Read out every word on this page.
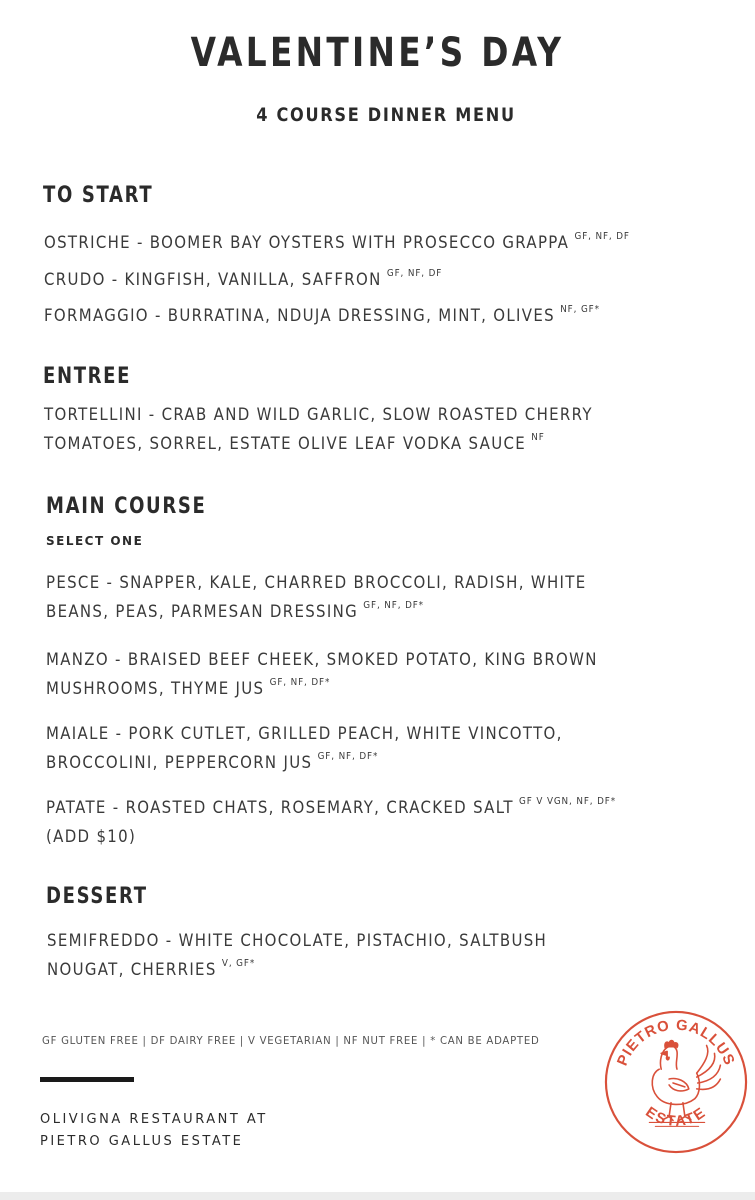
VALENTINE’S DAY
4 COURSE DINNER MENU
TO START
OSTRICHE - BOOMER BAY OYSTERS WITH PROSECCO GRAPPA $^{GF, NF, DF}$
CRUDO - KINGFISH, VANILLA, SAFFRON $^{GF, NF, DF}$
FORMAGGIO - BURRATINA, NDUJA DRESSING, MINT, OLIVES $^{NF, GF*}$
ENTREE
TORTELLINI - CRAB AND WILD GARLIC, SLOW ROASTED CHERRY
TOMATOES, SORREL, ESTATE OLIVE LEAF VODKA SAUCE $^{NF}$
MAIN COURSE
SELECT ONE
PESCE - SNAPPER, KALE, CHARRED BROCCOLI, RADISH, WHITE
BEANS, PEAS, PARMESAN DRESSING $^{GF, NF, DF*}$
MANZO - BRAISED BEEF CHEEK, SMOKED POTATO, KING BROWN
MUSHROOMS, THYME JUS $^{GF, NF, DF*}$
MAIALE - PORK CUTLET, GRILLED PEACH, WHITE VINCOTTO,
BROCCOLINI, PEPPERCORN JUS $^{GF, NF, DF*}$
PATATE - ROASTED CHATS, ROSEMARY, CRACKED SALT $^{GF V VGN, NF, DF*}$
(ADD $10)
DESSERT
SEMIFREDDO - WHITE CHOCOLATE, PISTACHIO, SALTBUSH
NOUGAT, CHERRIES $^{V, GF*}$
GF GLUTEN FREE | DF DAIRY FREE | V VEGETARIAN | NF NUT FREE | * CAN BE ADAPTED
OLIVIGNA RESTAURANT AT
PIETRO GALLUS ESTATE
PIETRO GALLUS
ESTATE
